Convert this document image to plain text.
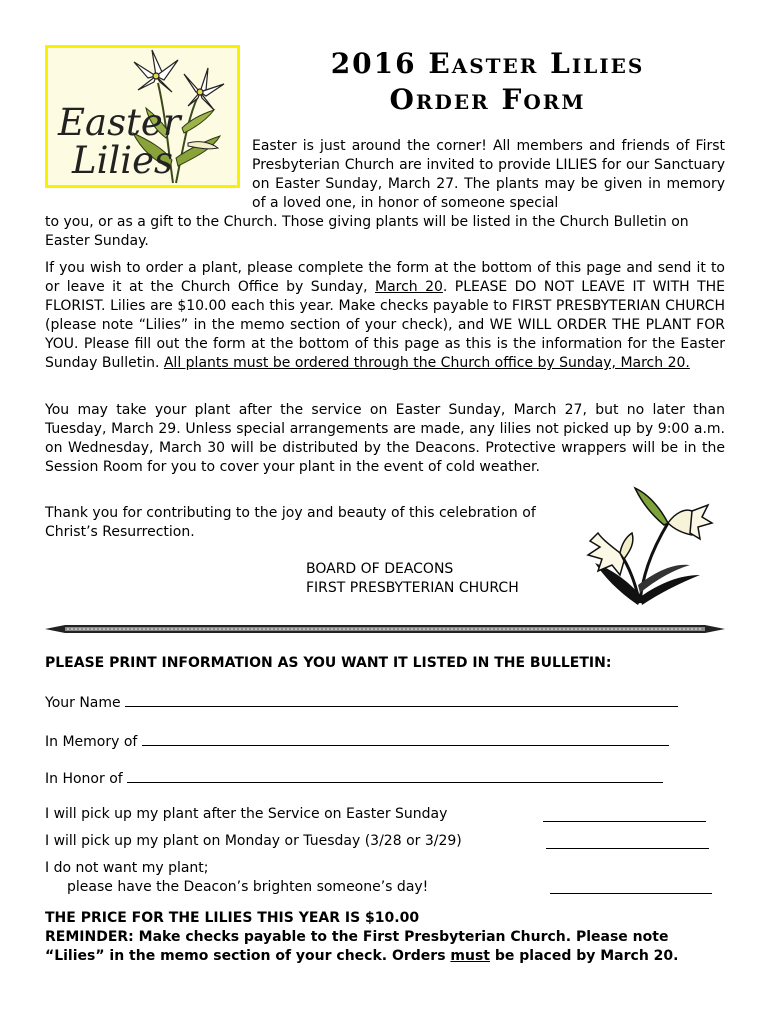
Easter
Lilies
2016 Easter Lilies
Order Form

Easter is just around the corner! All members and friends of First Presbyterian Church are invited to provide LILIES for our Sanctuary on Easter Sunday, March 27. The plants may be given in memory of a loved one, in honor of someone special

to you, or as a gift to the Church. Those giving plants will be listed in the Church Bulletin on Easter Sunday.

If you wish to order a plant, please complete the form at the bottom of this page and send it to or leave it at the Church Office by Sunday, March 20. PLEASE DO NOT LEAVE IT WITH THE FLORIST. Lilies are $10.00 each this year. Make checks payable to FIRST PRESBYTERIAN CHURCH (please note “Lilies” in the memo section of your check), and WE WILL ORDER THE PLANT FOR YOU. Please fill out the form at the bottom of this page as this is the information for the Easter Sunday Bulletin. All plants must be ordered through the Church office by Sunday, March 20.

You may take your plant after the service on Easter Sunday, March 27, but no later than Tuesday, March 29. Unless special arrangements are made, any lilies not picked up by 9:00 a.m. on Wednesday, March 30 will be distributed by the Deacons. Protective wrappers will be in the Session Room for you to cover your plant in the event of cold weather.

Thank you for contributing to the joy and beauty of this celebration of Christ’s Resurrection.

BOARD OF DEACONS
FIRST PRESBYTERIAN CHURCH

PLEASE PRINT INFORMATION AS YOU WANT IT LISTED IN THE BULLETIN:

Your Name
In Memory of
In Honor of
I will pick up my plant after the Service on Easter Sunday
I will pick up my plant on Monday or Tuesday (3/28 or 3/29)
I do not want my plant;
please have the Deacon’s brighten someone’s day!

THE PRICE FOR THE LILIES THIS YEAR IS $10.00
REMINDER: Make checks payable to the First Presbyterian Church. Please note “Lilies” in the memo section of your check. Orders must be placed by March 20.
